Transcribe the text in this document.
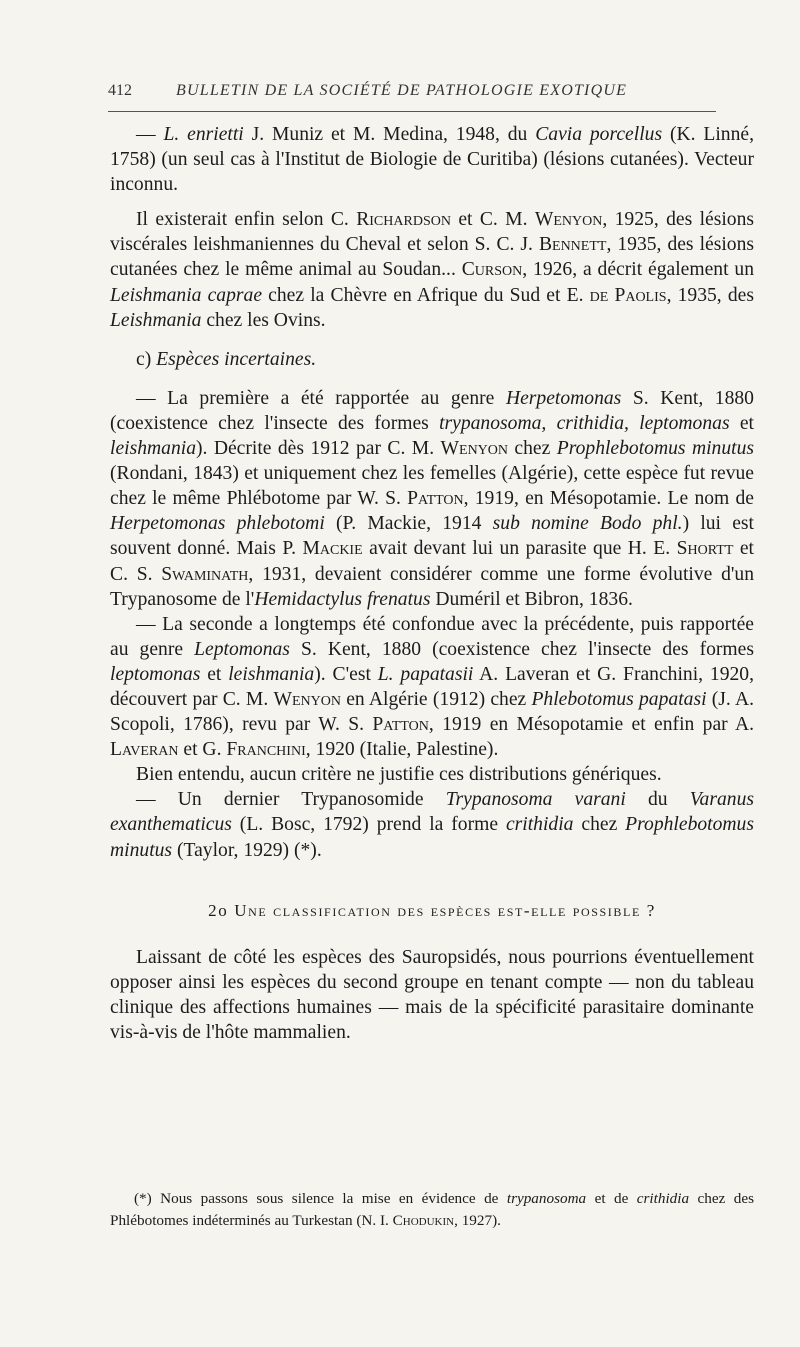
412	BULLETIN DE LA SOCIÉTÉ DE PATHOLOGIE EXOTIQUE

— L. enrietti J. Muniz et M. Medina, 1948, du Cavia porcellus (K. Linné, 1758) (un seul cas à l'Institut de Biologie de Curitiba) (lésions cutanées). Vecteur inconnu.

Il existerait enfin selon C. Richardson et C. M. Wenyon, 1925, des lésions viscérales leishmaniennes du Cheval et selon S. C. J. Bennett, 1935, des lésions cutanées chez le même animal au Soudan... Curson, 1926, a décrit également un Leishmania caprae chez la Chèvre en Afrique du Sud et E. de Paolis, 1935, des Leishmania chez les Ovins.

c) Espèces incertaines.

— La première a été rapportée au genre Herpetomonas S. Kent, 1880 (coexistence chez l'insecte des formes trypanosoma, crithidia, leptomonas et leishmania). Décrite dès 1912 par C. M. Wenyon chez Prophlebotomus minutus (Rondani, 1843) et uniquement chez les femelles (Algérie), cette espèce fut revue chez le même Phlébotome par W. S. Patton, 1919, en Mésopotamie. Le nom de Herpetomonas phlebotomi (P. Mackie, 1914 sub nomine Bodo phl.) lui est souvent donné. Mais P. Mackie avait devant lui un parasite que H. E. Shortt et C. S. Swaminath, 1931, devaient considérer comme une forme évolutive d'un Trypanosome de l'Hemidactylus frenatus Duméril et Bibron, 1836.

— La seconde a longtemps été confondue avec la précédente, puis rapportée au genre Leptomonas S. Kent, 1880 (coexistence chez l'insecte des formes leptomonas et leishmania). C'est L. papatasii A. Laveran et G. Franchini, 1920, découvert par C. M. Wenyon en Algérie (1912) chez Phlebotomus papatasi (J. A. Scopoli, 1786), revu par W. S. Patton, 1919 en Mésopotamie et enfin par A. Laveran et G. Franchini, 1920 (Italie, Palestine).

Bien entendu, aucun critère ne justifie ces distributions génériques.

— Un dernier Trypanosomide Trypanosoma varani du Varanus exanthematicus (L. Bosc, 1792) prend la forme crithidia chez Prophlebotomus minutus (Taylor, 1929) (*).

2o Une classification des espèces est-elle possible ?

Laissant de côté les espèces des Sauropsidés, nous pourrions éventuellement opposer ainsi les espèces du second groupe en tenant compte — non du tableau clinique des affections humaines — mais de la spécificité parasitaire dominante vis-à-vis de l'hôte mammalien.

(*) Nous passons sous silence la mise en évidence de trypanosoma et de crithidia chez des Phlébotomes indéterminés au Turkestan (N. I. Chodukin, 1927).
